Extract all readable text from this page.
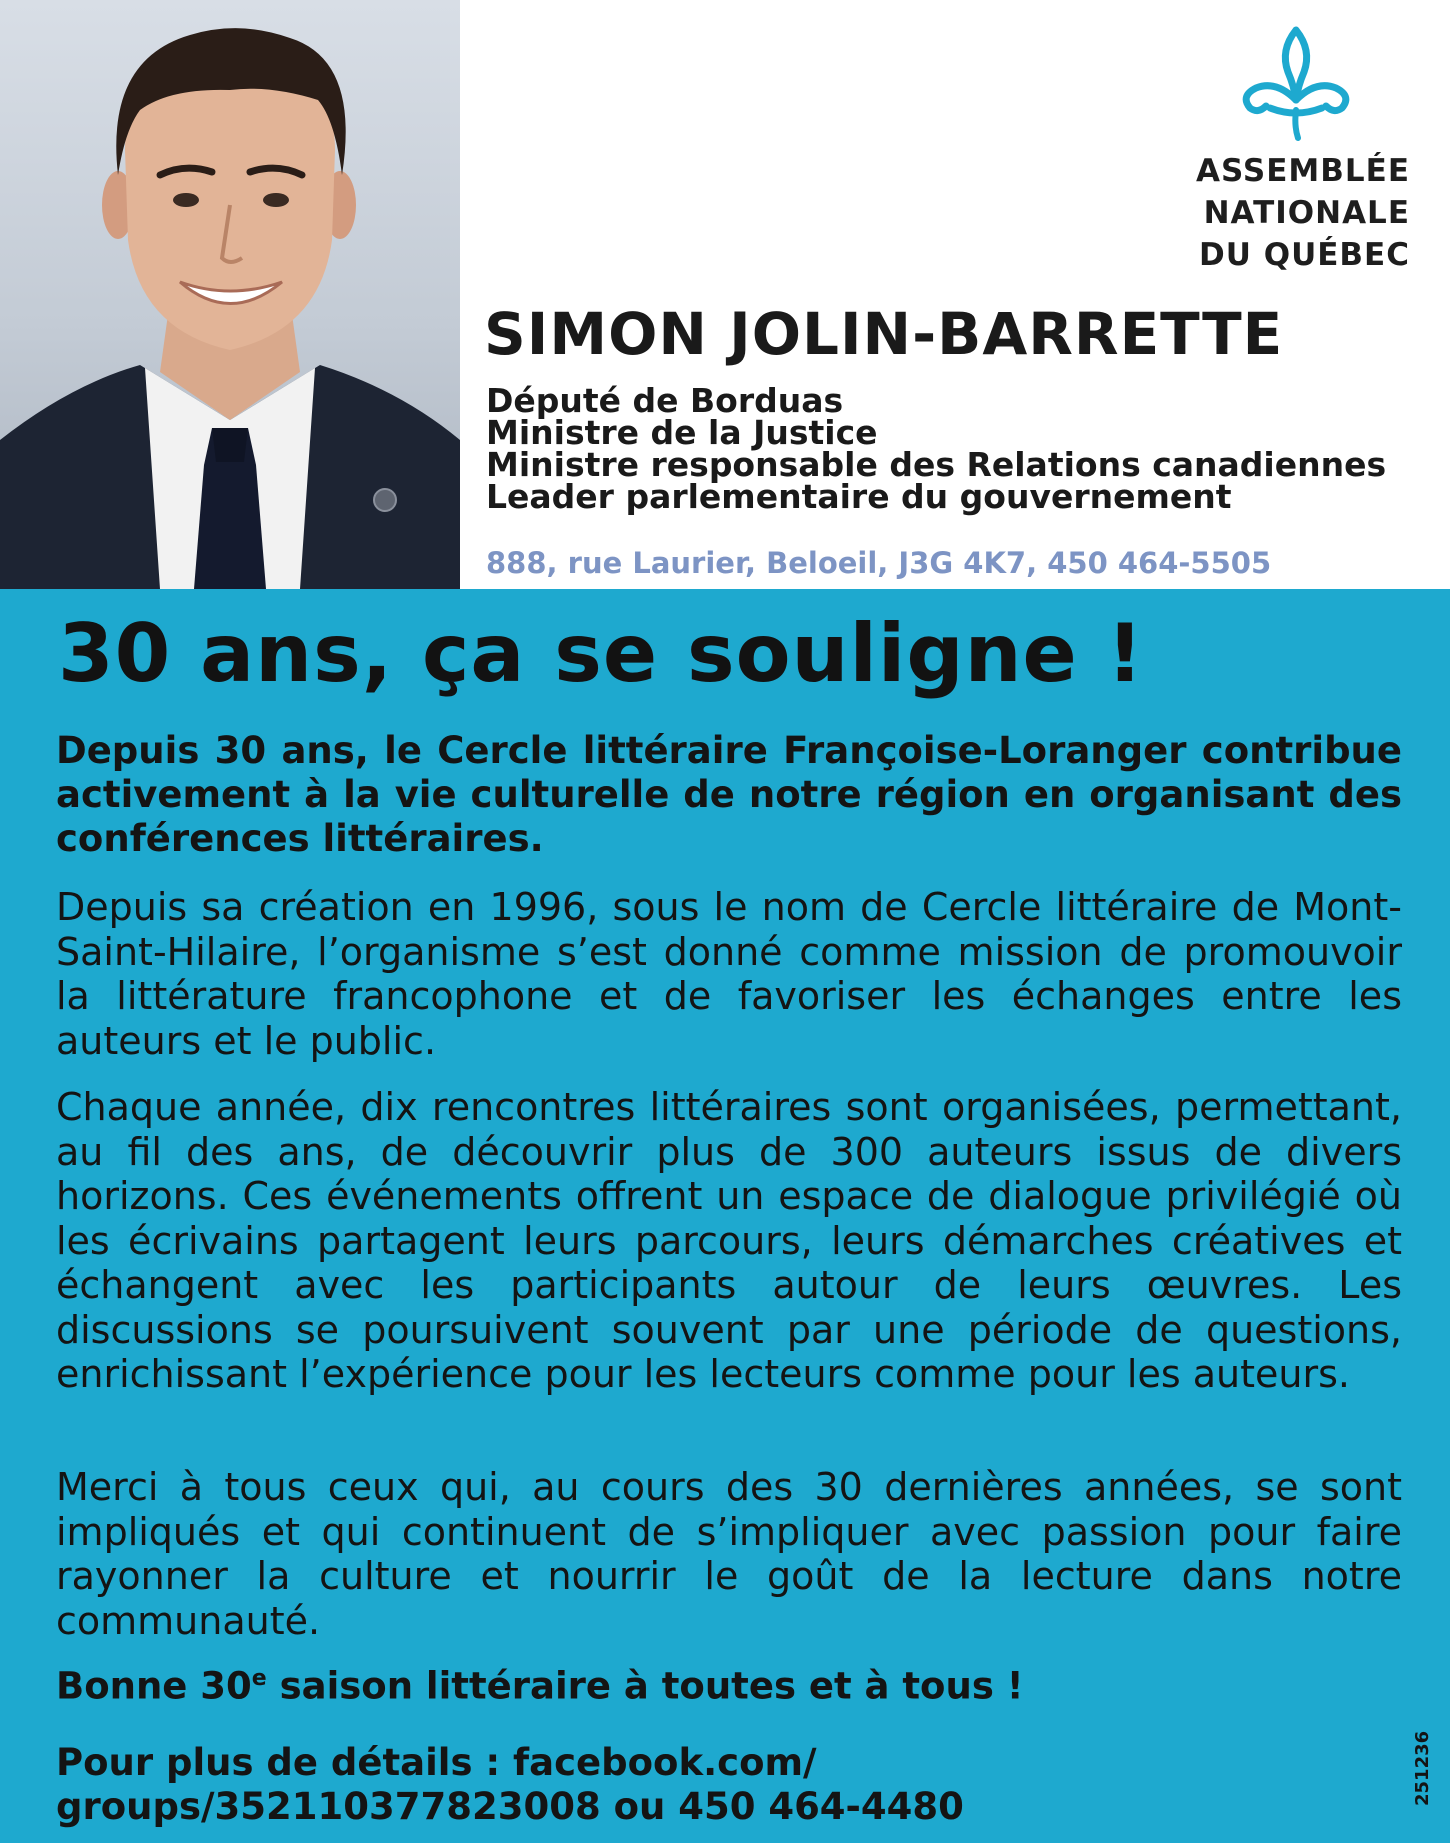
ASSEMBLÉE
NATIONALE
DU QUÉBEC
SIMON JOLIN-BARRETTE
Député de Borduas
Ministre de la Justice
Ministre responsable des Relations canadiennes
Leader parlementaire du gouvernement
888, rue Laurier, Beloeil, J3G 4K7, 450 464-5505
30 ans, ça se souligne !

Depuis 30 ans, le Cercle littéraire Françoise-Loranger contribue activement à la vie culturelle de notre région en organisant des conférences littéraires.

Depuis sa création en 1996, sous le nom de Cercle littéraire de Mont-Saint-Hilaire, l’organisme s’est donné comme mission de promouvoir la littérature francophone et de favoriser les échanges entre les auteurs et le public.

Chaque année, dix rencontres littéraires sont organisées, permettant, au fil des ans, de découvrir plus de 300 auteurs issus de divers horizons. Ces événements offrent un espace de dialogue privilégié où les écrivains partagent leurs parcours, leurs démarches créatives et échangent avec les participants autour de leurs œuvres. Les discussions se poursuivent souvent par une période de questions, enrichissant l’expérience pour les lecteurs comme pour les auteurs.

Merci à tous ceux qui, au cours des 30 dernières années, se sont impliqués et qui continuent de s’impliquer avec passion pour faire rayonner la culture et nourrir le goût de la lecture dans notre communauté.

Bonne 30e saison littéraire à toutes et à tous !

Pour plus de détails : facebook.com/
groups/352110377823008 ou 450 464-4480

251236
